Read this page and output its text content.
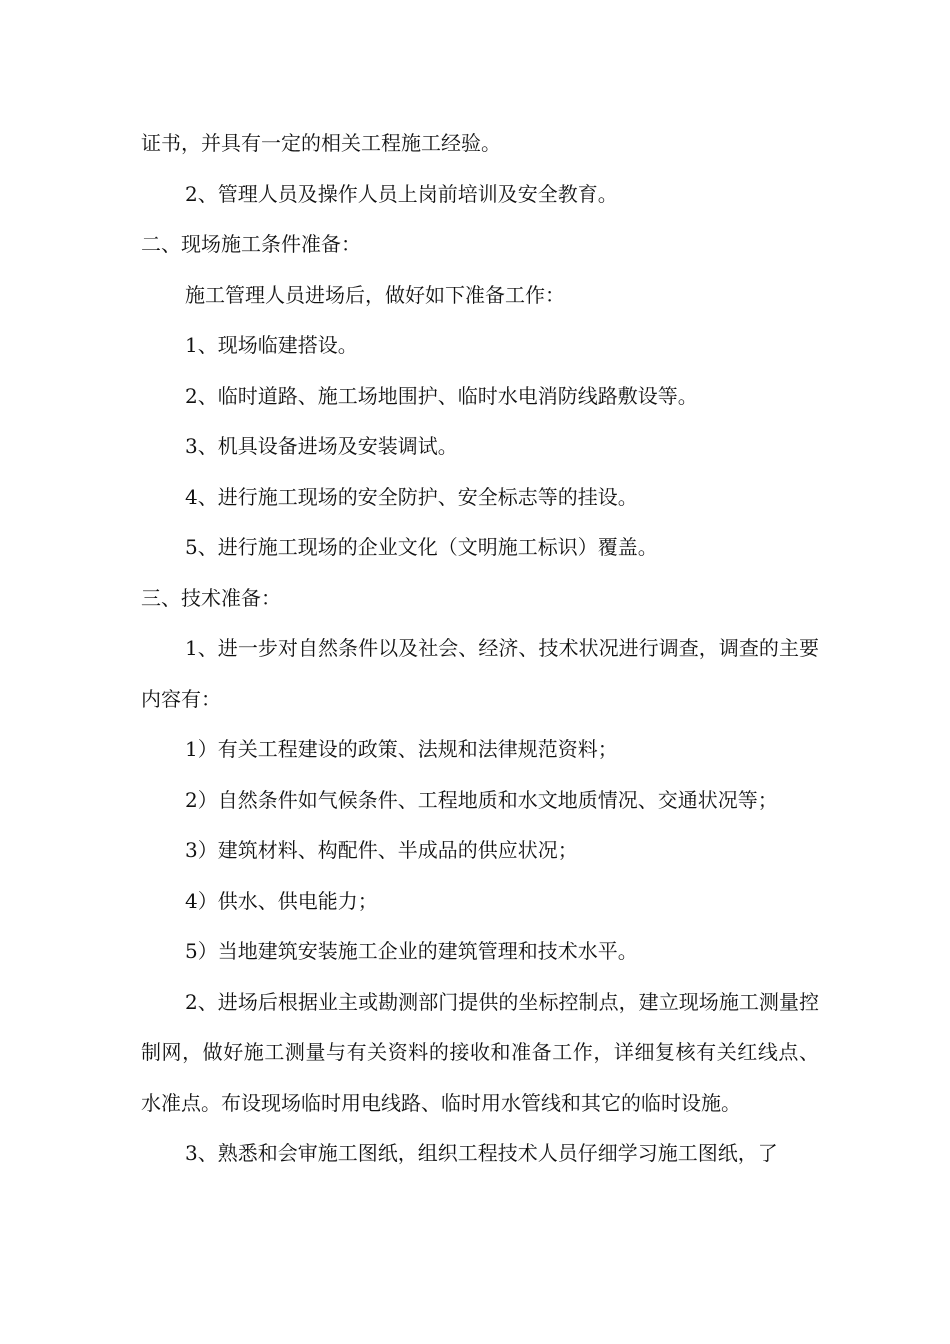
证书，并具有一定的相关工程施工经验。

2、管理人员及操作人员上岗前培训及安全教育。

二、现场施工条件准备：

施工管理人员进场后，做好如下准备工作：

1、现场临建搭设。

2、临时道路、施工场地围护、临时水电消防线路敷设等。

3、机具设备进场及安装调试。

4、进行施工现场的安全防护、安全标志等的挂设。

5、进行施工现场的企业文化（文明施工标识）覆盖。

三、技术准备：

1、进一步对自然条件以及社会、经济、技术状况进行调查，调查的主要内容有：

1）有关工程建设的政策、法规和法律规范资料；

2）自然条件如气候条件、工程地质和水文地质情况、交通状况等；

3）建筑材料、构配件、半成品的供应状况；

4）供水、供电能力；

5）当地建筑安装施工企业的建筑管理和技术水平。

2、进场后根据业主或勘测部门提供的坐标控制点，建立现场施工测量控制网，做好施工测量与有关资料的接收和准备工作，详细复核有关红线点、水准点。布设现场临时用电线路、临时用水管线和其它的临时设施。

3、熟悉和会审施工图纸，组织工程技术人员仔细学习施工图纸，了
